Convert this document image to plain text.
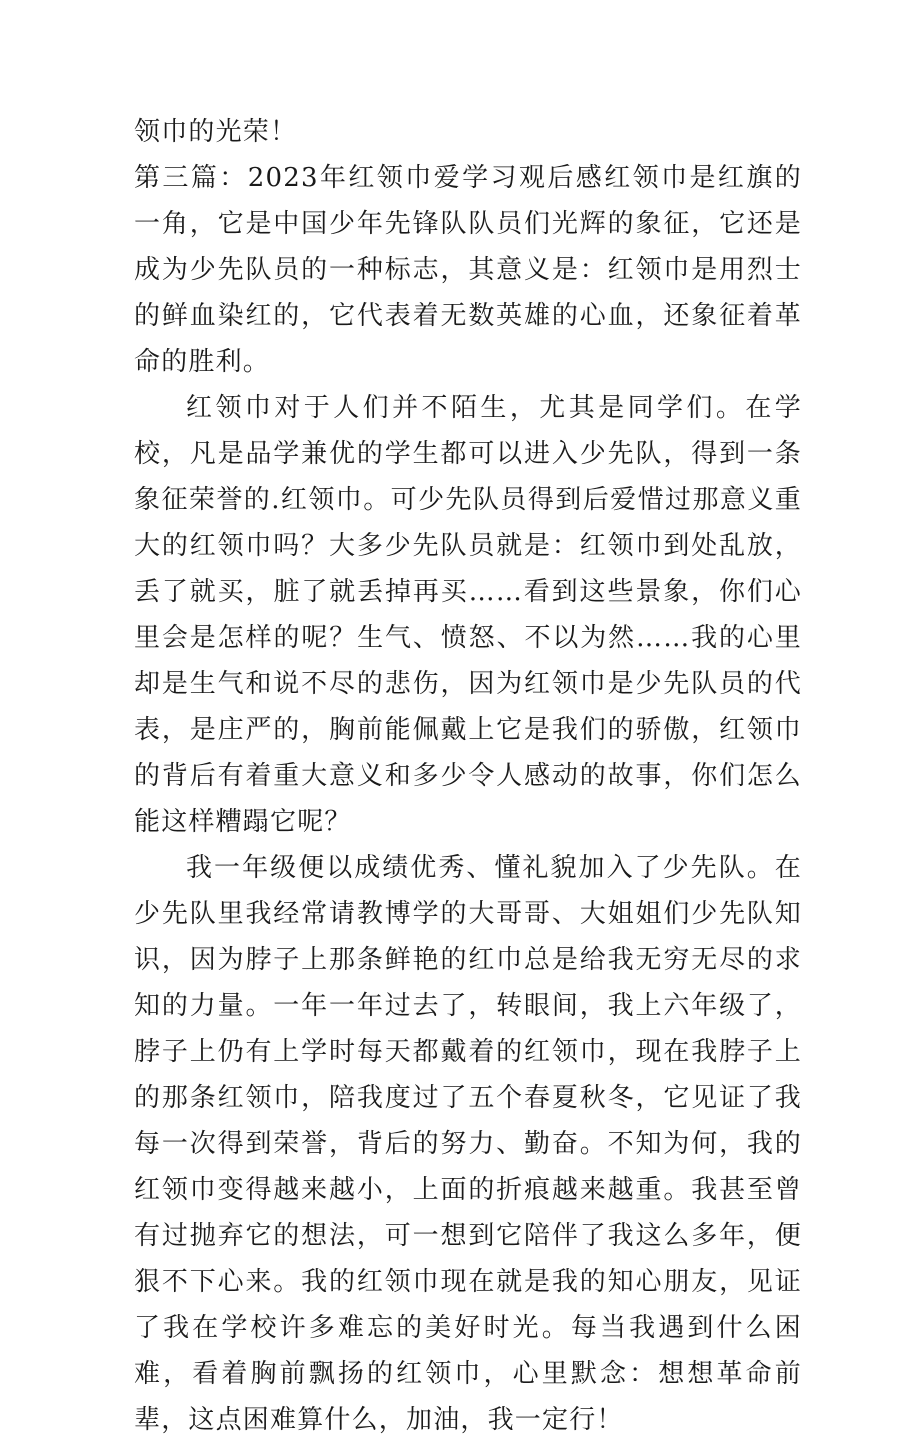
领巾的光荣！

第三篇：2023年红领巾爱学习观后感红领巾是红旗的一角，它是中国少年先锋队队员们光辉的象征，它还是成为少先队员的一种标志，其意义是：红领巾是用烈士的鲜血染红的，它代表着无数英雄的心血，还象征着革命的胜利。

红领巾对于人们并不陌生，尤其是同学们。在学校，凡是品学兼优的学生都可以进入少先队，得到一条象征荣誉的.红领巾。可少先队员得到后爱惜过那意义重大的红领巾吗？大多少先队员就是：红领巾到处乱放，丢了就买，脏了就丢掉再买……看到这些景象，你们心里会是怎样的呢？生气、愤怒、不以为然……我的心里却是生气和说不尽的悲伤，因为红领巾是少先队员的代表，是庄严的，胸前能佩戴上它是我们的骄傲，红领巾的背后有着重大意义和多少令人感动的故事，你们怎么能这样糟蹋它呢？

我一年级便以成绩优秀、懂礼貌加入了少先队。在少先队里我经常请教博学的大哥哥、大姐姐们少先队知识，因为脖子上那条鲜艳的红巾总是给我无穷无尽的求知的力量。一年一年过去了，转眼间，我上六年级了，脖子上仍有上学时每天都戴着的红领巾，现在我脖子上的那条红领巾，陪我度过了五个春夏秋冬，它见证了我每一次得到荣誉，背后的努力、勤奋。不知为何，我的红领巾变得越来越小，上面的折痕越来越重。我甚至曾有过抛弃它的想法，可一想到它陪伴了我这么多年，便狠不下心来。我的红领巾现在就是我的知心朋友，见证了我在学校许多难忘的美好时光。每当我遇到什么困难，看着胸前飘扬的红领巾，心里默念：想想革命前辈，这点困难算什么，加油，我一定行！
